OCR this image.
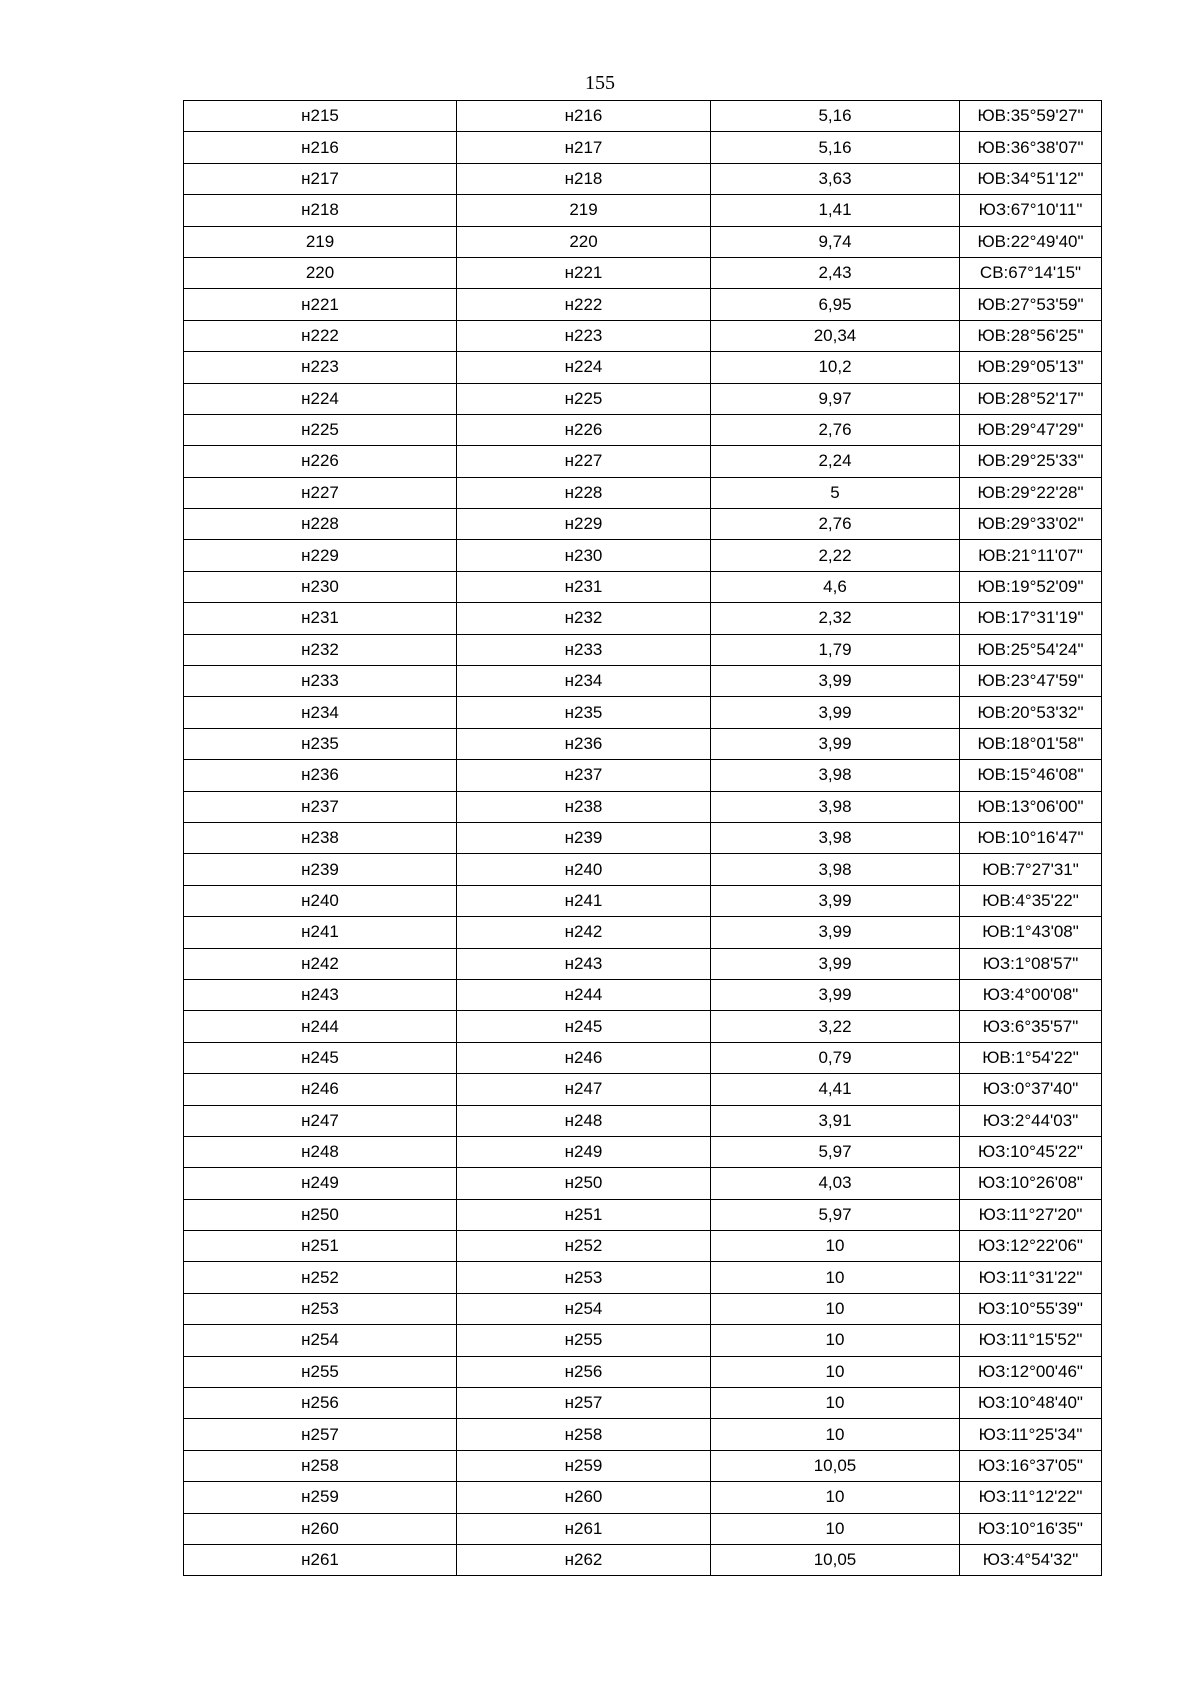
155
н215	н216	5,16	ЮВ:35°59'27"
н216	н217	5,16	ЮВ:36°38'07"
н217	н218	3,63	ЮВ:34°51'12"
н218	219	1,41	ЮЗ:67°10'11"
219	220	9,74	ЮВ:22°49'40"
220	н221	2,43	СВ:67°14'15"
н221	н222	6,95	ЮВ:27°53'59"
н222	н223	20,34	ЮВ:28°56'25"
н223	н224	10,2	ЮВ:29°05'13"
н224	н225	9,97	ЮВ:28°52'17"
н225	н226	2,76	ЮВ:29°47'29"
н226	н227	2,24	ЮВ:29°25'33"
н227	н228	5	ЮВ:29°22'28"
н228	н229	2,76	ЮВ:29°33'02"
н229	н230	2,22	ЮВ:21°11'07"
н230	н231	4,6	ЮВ:19°52'09"
н231	н232	2,32	ЮВ:17°31'19"
н232	н233	1,79	ЮВ:25°54'24"
н233	н234	3,99	ЮВ:23°47'59"
н234	н235	3,99	ЮВ:20°53'32"
н235	н236	3,99	ЮВ:18°01'58"
н236	н237	3,98	ЮВ:15°46'08"
н237	н238	3,98	ЮВ:13°06'00"
н238	н239	3,98	ЮВ:10°16'47"
н239	н240	3,98	ЮВ:7°27'31"
н240	н241	3,99	ЮВ:4°35'22"
н241	н242	3,99	ЮВ:1°43'08"
н242	н243	3,99	ЮЗ:1°08'57"
н243	н244	3,99	ЮЗ:4°00'08"
н244	н245	3,22	ЮЗ:6°35'57"
н245	н246	0,79	ЮВ:1°54'22"
н246	н247	4,41	ЮЗ:0°37'40"
н247	н248	3,91	ЮЗ:2°44'03"
н248	н249	5,97	ЮЗ:10°45'22"
н249	н250	4,03	ЮЗ:10°26'08"
н250	н251	5,97	ЮЗ:11°27'20"
н251	н252	10	ЮЗ:12°22'06"
н252	н253	10	ЮЗ:11°31'22"
н253	н254	10	ЮЗ:10°55'39"
н254	н255	10	ЮЗ:11°15'52"
н255	н256	10	ЮЗ:12°00'46"
н256	н257	10	ЮЗ:10°48'40"
н257	н258	10	ЮЗ:11°25'34"
н258	н259	10,05	ЮЗ:16°37'05"
н259	н260	10	ЮЗ:11°12'22"
н260	н261	10	ЮЗ:10°16'35"
н261	н262	10,05	ЮЗ:4°54'32"
